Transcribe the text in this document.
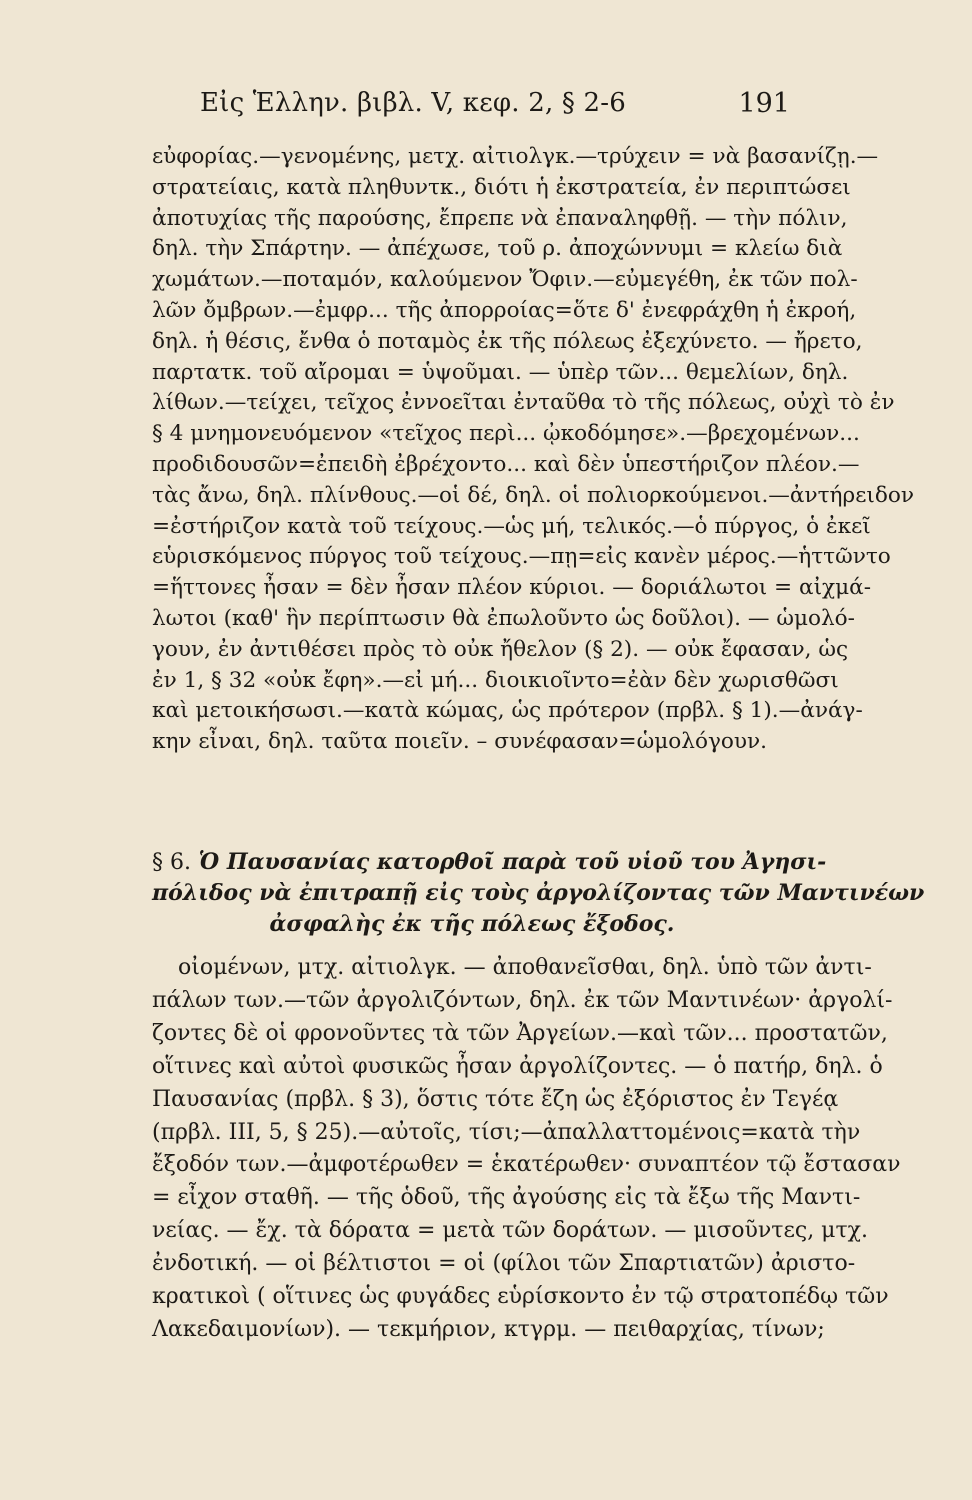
Εἰς Ἑλλην. βιβλ. V, κεφ. 2, § 2-6	191
εὐφορίας.—γενομένης, μετχ. αἰτιολγκ.—τρύχειν = νὰ βασανίζῃ.—
στρατείαις, κατὰ πληθυντκ., διότι ἡ ἐκστρατεία, ἐν περιπτώσει
ἀποτυχίας τῆς παρούσης, ἔπρεπε νὰ ἐπαναληφθῇ. — τὴν πόλιν,
δηλ. τὴν Σπάρτην. — ἀπέχωσε, τοῦ ρ. ἀποχώννυμι = κλείω διὰ
χωμάτων.—ποταμόν, καλούμενον Ὄφιν.—εὐμεγέθη, ἐκ τῶν πολ-
λῶν ὄμβρων.—ἐμφρ... τῆς ἀπορροίας=ὅτε δ' ἐνεφράχθη ἡ ἐκροή,
δηλ. ἡ θέσις, ἔνθα ὁ ποταμὸς ἐκ τῆς πόλεως ἐξεχύνετο. — ἤρετο,
παρτατκ. τοῦ αἴρομαι = ὑψοῦμαι. — ὑπὲρ τῶν... θεμελίων, δηλ.
λίθων.—τείχει, τεῖχος ἐννοεῖται ἐνταῦθα τὸ τῆς πόλεως, οὐχὶ τὸ ἐν
§ 4 μνημονευόμενον «τεῖχος περὶ... ᾠκοδόμησε».—βρεχομένων...
προδιδουσῶν=ἐπειδὴ ἐβρέχοντο... καὶ δὲν ὑπεστήριζον πλέον.—
τὰς ἄνω, δηλ. πλίνθους.—οἱ δέ, δηλ. οἱ πολιορκούμενοι.—ἀντήρειδον
=ἐστήριζον κατὰ τοῦ τείχους.—ὡς μή, τελικός.—ὁ πύργος, ὁ ἐκεῖ
εὑρισκόμενος πύργος τοῦ τείχους.—πῃ=εἰς κανὲν μέρος.—ἡττῶντο
=ἥττονες ἦσαν = δὲν ἦσαν πλέον κύριοι. — δοριάλωτοι = αἰχμά-
λωτοι (καθ' ἣν περίπτωσιν θὰ ἐπωλοῦντο ὡς δοῦλοι). — ὡμολό-
γουν, ἐν ἀντιθέσει πρὸς τὸ οὐκ ἤθελον (§ 2). — οὐκ ἔφασαν, ὡς
ἐν 1, § 32 «οὐκ ἔφη».—εἰ μή... διοικιοῖντο=ἐὰν δὲν χωρισθῶσι
καὶ μετοικήσωσι.—κατὰ κώμας, ὡς πρότερον (πρβλ. § 1).—ἀνάγ-
κην εἶναι, δηλ. ταῦτα ποιεῖν. – συνέφασαν=ὡμολόγουν.
§ 6. Ὁ Παυσανίας κατορθοῖ παρὰ τοῦ υἱοῦ του Ἀγησι-
πόλιδος νὰ ἐπιτραπῇ εἰς τοὺς ἀργολίζοντας τῶν Μαντινέων
ἀσφαλὴς ἐκ τῆς πόλεως ἔξοδος.
οἰομένων, μτχ. αἰτιολγκ. — ἀποθανεῖσθαι, δηλ. ὑπὸ τῶν ἀντι-
πάλων των.—τῶν ἀργολιζόντων, δηλ. ἐκ τῶν Μαντινέων· ἀργολί-
ζοντες δὲ οἱ φρονοῦντες τὰ τῶν Ἀργείων.—καὶ τῶν... προστατῶν,
οἵτινες καὶ αὐτοὶ φυσικῶς ἦσαν ἀργολίζοντες. — ὁ πατήρ, δηλ. ὁ
Παυσανίας (πρβλ. § 3), ὅστις τότε ἔζη ὡς ἐξόριστος ἐν Τεγέᾳ
(πρβλ. III, 5, § 25).—αὐτοῖς, τίσι;—ἀπαλλαττομένοις=κατὰ τὴν
ἔξοδόν των.—ἀμφοτέρωθεν = ἑκατέρωθεν· συναπτέον τῷ ἔστασαν
= εἶχον σταθῆ. — τῆς ὁδοῦ, τῆς ἀγούσης εἰς τὰ ἔξω τῆς Μαντι-
νείας. — ἔχ. τὰ δόρατα = μετὰ τῶν δοράτων. — μισοῦντες, μτχ.
ἐνδοτική. — οἱ βέλτιστοι = οἱ (φίλοι τῶν Σπαρτιατῶν) ἀριστο-
κρατικοὶ ( οἵτινες ὡς φυγάδες εὑρίσκοντο ἐν τῷ στρατοπέδῳ τῶν
Λακεδαιμονίων). — τεκμήριον, κτγρμ. — πειθαρχίας, τίνων;
